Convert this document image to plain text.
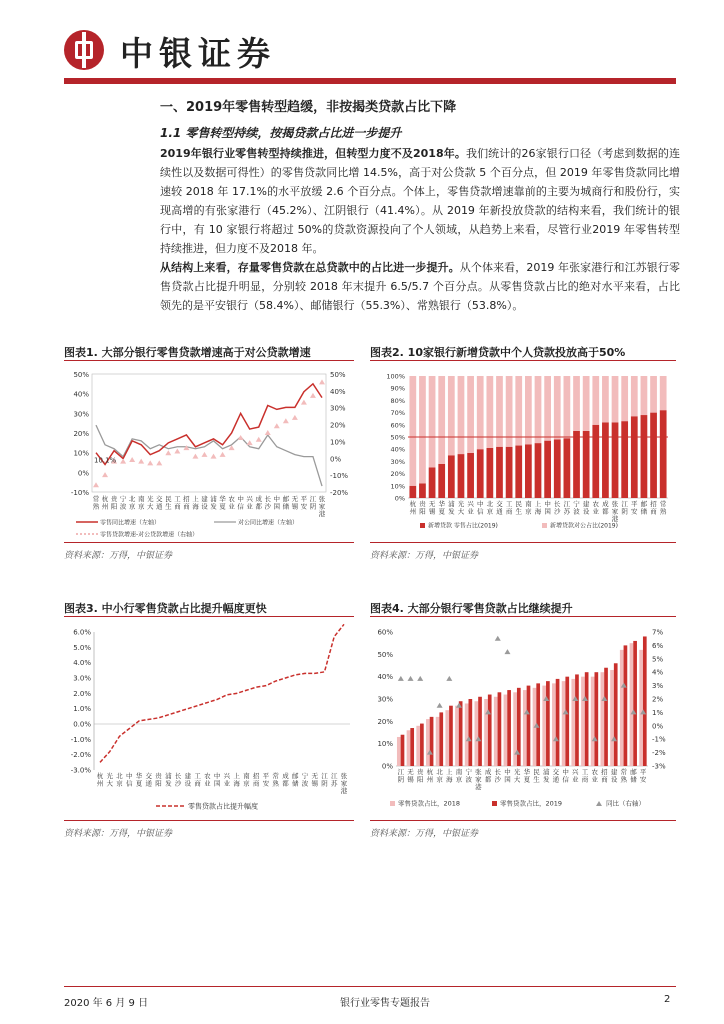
中银证券
一、2019年零售转型趋缓，非按揭类贷款占比下降
1.1 零售转型持续，按揭贷款占比进一步提升
2019年银行业零售转型持续推进，但转型力度不及2018年。我们统计的26家银行口径（考虑到数据的连续性以及数据可得性）的零售贷款同比增 14.5%，高于对公贷款 5 个百分点，但 2019 年零售贷款同比增速较 2018 年 17.1%的水平放缓 2.6 个百分点。个体上，零售贷款增速靠前的主要为城商行和股份行，实现高增的有张家港行（45.2%）、江阴银行（41.4%）。从 2019 年新投放贷款的结构来看，我们统计的银行中，有 10 家银行将超过 50%的贷款资源投向了个人领域，从趋势上来看，尽管行业2019 年零售转型持续推进，但力度不及2018 年。
从结构上来看，存量零售贷款在总贷款中的占比进一步提升。从个体来看，2019 年张家港行和江苏银行零售贷款占比提升明显，分别较 2018 年末提升 6.5/5.7 个百分点。从零售贷款占比的绝对水平来看，占比领先的是平安银行（58.4%）、邮储银行（55.3%）、常熟银行（53.8%）。
图表1. 大部分银行零售贷款增速高于对公贷款增速	图表2. 10家银行新增贷款中个人贷款投放高于50%
50%
40%
30%
20%
10%
0%
-10%
50%
40%
30%
20%
10%
0%
-10%
-20%
10.1%
常熟
杭州
贵阳
宁波
北京
南京
光大
交通
民生
工商
招商
上海
建设
浦发
华夏
农业
中信
兴业
成都
长沙
中国
邮储
无锡
平安
江阴
张家港
零售同比增速（左轴）	对公同比增速（左轴）
零售贷款增速-对公贷款增速（右轴）
100%
90%
80%
70%
60%
50%
40%
30%
20%
10%
0%
杭州
贵阳
无锡
华夏
浦发
光大
兴业
中信
北京
交通
工商
民生
南京
上海
中国
长沙
江苏
宁波
建设
农业
成都
张家港
江阴
平安
邮储
招商
常熟
新增贷款 零售占比(2019)	新增贷款对公占比(2019)
资料来源：万得，中银证券	资料来源：万得，中银证券
图表3. 中小行零售贷款占比提升幅度更快	图表4. 大部分银行零售贷款占比继续提升
6.0%
5.0%
4.0%
3.0%
2.0%
1.0%
0.0%
-1.0%
-2.0%
-3.0%
杭州
光大
北京
中信
华夏
交通
贵阳
浦发
长沙
建设
工商
农业
中国
兴业
上海
南京
招商
平安
常熟
成都
邮储
宁波
无锡
江阴
江苏
张家港
零售贷款占比提升幅度
60%
50%
40%
30%
20%
10%
0%
7%
6%
5%
4%
3%
2%
1%
0%
-1%
-2%
-3%
江阴
无锡
贵阳
杭州
北京
上海
南京
宁波
张家港
成都
长沙
中国
光大
华夏
民生
浦发
交通
中信
兴业
工商
农业
招商
建设
常熟
邮储
平安
零售贷款占比，2018	零售贷款占比，2019	同比（右轴）
资料来源：万得，中银证券	资料来源：万得，中银证券
2020 年 6 月 9 日	银行业零售专题报告	2
